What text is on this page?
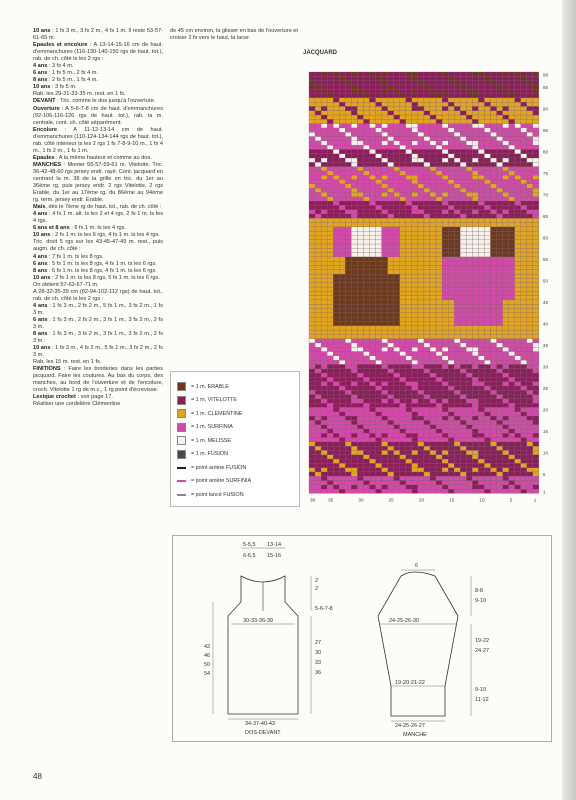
10 ans : 1 fs 3 m., 3 fs 2 m., 4 fs 1 m. Il reste 53-57-61-65 m.

Epaules et encolure : A 13-14-15-16 cm de haut. d'emmanchures (116-130-140-150 rgs de haut. tot.), rab. de ch. côté ts les 2 rgs :

4 ans : 3 fs 4 m.

6 ans : 1 fs 5 m., 2 fs 4 m.

8 ans : 2 fs 5 m., 1 fs 4 m.

10 ans : 3 fs 5 m.

Rab. les 29-31-33-35 m. rest. en 1 fs.

DEVANT : Tric. comme le dos jusqu'à l'ouverture.

Ouverture : A 5-6-7-8 cm de haut. d'emmanchures (92-106-116-126 rgs de haut. tot.), rab. la m. centrale, cont. ch. côté séparément.

Encolure : A 11-12-13-14 cm de haut. d'emmanchures (110-124-134-144 rgs de haut. tot.), rab. côté intérieur ts les 2 rgs 1 fs 7-8-9-10 m., 1 fs 4 m., 1 fs 2 m., 1 fs 1 m.

Epaules : A la même hauteur et comme au dos.

MANCHES : Monter 55-57-59-61 m. Vitelotte. Tric. 36-42-48-60 rgs jersey endr. rayé. Cont. jacquard en centrant la m. 38 de la grille en tric. du 1er au 36ème rg, puis jersey endr. 2 rgs Vitelotte, 2 rgs Erable, du 1er au 17ème rg, du 86ème au 94ème rg. term. jersey endr. Erable.

Mais, dès le 7ème rg de haut. tot., rab. de ch. côté :

4 ans : 4 fs 1 m. alt. ts les 2 et 4 rgs, 2 fs 1 m. ts les 4 rgs.

6 ans et 8 ans : 6 fs 1 m. ts les 4 rgs.

10 ans : 2 fs 1 m. ts les 6 rgs, 4 fs 1 m. ts les 4 rgs.

Tric. droit 5 rgs sur les 43-45-47-49 m. rest., puis augm. de ch. côté :

4 ans : 7 fs 1 m. ts les 8 rgs.

6 ans : 5 fs 1 m. ts les 8 rgs, 4 fs 1 m. ts les 6 rgs.

8 ans : 6 fs 1 m. ts les 8 rgs, 4 fs 1 m. ts les 6 rgs.

10 ans : 2 fs 1 m. ts les 8 rgs, 5 fs 1 m. ts les 6 rgs.

On obtient 57-63-67-71 m.

A 28-32-35-39 cm (82-94-102-112 rgs) de haut. tot., rab. de ch. côté ts les 2 rgs :

4 ans : 1 fs 3 m., 2 fs 2 m., 5 fs 1 m., 3 fs 2 m., 1 fs 3 m.

6 ans : 1 fs 3 m., 2 fs 2 m., 3 fs 1 m., 3 fs 2 m., 2 fs 3 m.

8 ans : 1 fs 3 m., 3 fs 2 m., 3 fs 1 m., 3 fs 2 m., 2 fs 3 m.

10 ans : 1 fs 3 m., 4 fs 2 m., 5 fs 1 m., 3 fs 2 m., 2 fs 3 m.

Rab. les 15 m. rest. en 1 fs.

FINITIONS : Faire les broderies dans les parties jacquard. Faire les coutures. Au bas du corps, des manches, au bord de l'ouverture et de l'encolure, croch. Vitelotte 1 rg de m.c., 1 rg point d'écrevisse.

Lexique crochet : voir page 17.

Réaliser une cordelière Clémentine

de 45 cm environ, la glisser en bas de l'ouverture et croiser 2 fs vers le haut, la lacer.

JACQUARD
98
95
90
85
80
75
70
65
60
55
50
45
40
35
30
25
20
15
10
5
1
38	35	30	25	20	15	10	5	1
= 1 m. ERABLE
= 1 m. VITELOTTE
= 1 m. CLEMENTINE
= 1 m. SURFINIA
= 1 m. MELISSE
= 1 m. FUSION
= point arrière FUSION
= point arrière SURFINIA
= point lancé FUSION
5-5,5 13-14
6-6,5 15-16
2
2
5-6-7-8
30-33-36-39
42
46
50
54
27
30
33
36
34-37-40-43
DOS-DEVANT
6
8-8
9-10
24-25-26-30
19-22
24-27
19-20-21-22
9-10
11-12
24-25-26-27
MANCHE
48
